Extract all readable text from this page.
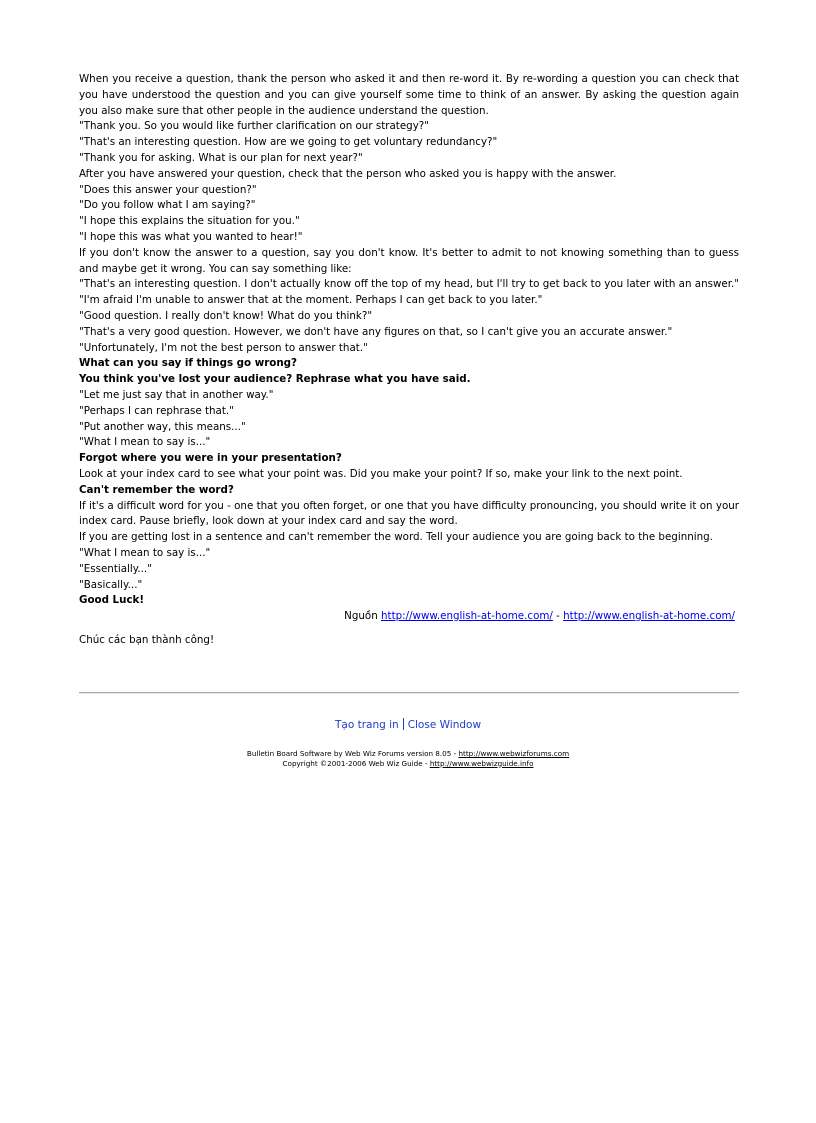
When you receive a question, thank the person who asked it and then re-word it. By re-wording a question you can check that you have understood the question and you can give yourself some time to think of an answer. By asking the question again you also make sure that other people in the audience understand the question.

"Thank you. So you would like further clarification on our strategy?"

"That's an interesting question. How are we going to get voluntary redundancy?"

"Thank you for asking. What is our plan for next year?"

After you have answered your question, check that the person who asked you is happy with the answer.

"Does this answer your question?"

"Do you follow what I am saying?"

"I hope this explains the situation for you."

"I hope this was what you wanted to hear!"

If you don't know the answer to a question, say you don't know. It's better to admit to not knowing something than to guess and maybe get it wrong. You can say something like:

"That's an interesting question. I don't actually know off the top of my head, but I'll try to get back to you later with an answer."

"I'm afraid I'm unable to answer that at the moment. Perhaps I can get back to you later."

"Good question. I really don't know! What do you think?"

"That's a very good question. However, we don't have any figures on that, so I can't give you an accurate answer."

"Unfortunately, I'm not the best person to answer that."

What can you say if things go wrong?

You think you've lost your audience? Rephrase what you have said.

"Let me just say that in another way."

"Perhaps I can rephrase that."

"Put another way, this means..."

"What I mean to say is..."

Forgot where you were in your presentation?

Look at your index card to see what your point was. Did you make your point? If so, make your link to the next point.

Can't remember the word?

If it's a difficult word for you - one that you often forget, or one that you have difficulty pronouncing, you should write it on your index card. Pause briefly, look down at your index card and say the word.

If you are getting lost in a sentence and can't remember the word. Tell your audience you are going back to the beginning.

"What I mean to say is..."

"Essentially..."

"Basically..."

Good Luck!

Nguồn http://www.english-at-home.com/ - http://www.english-at-home.com/

Chúc các bạn thành công!

Tạo trang in Close Window
Bulletin Board Software by Web Wiz Forums version 8.05 - http://www.webwizforums.com
Copyright ©2001-2006 Web Wiz Guide - http://www.webwizguide.info
